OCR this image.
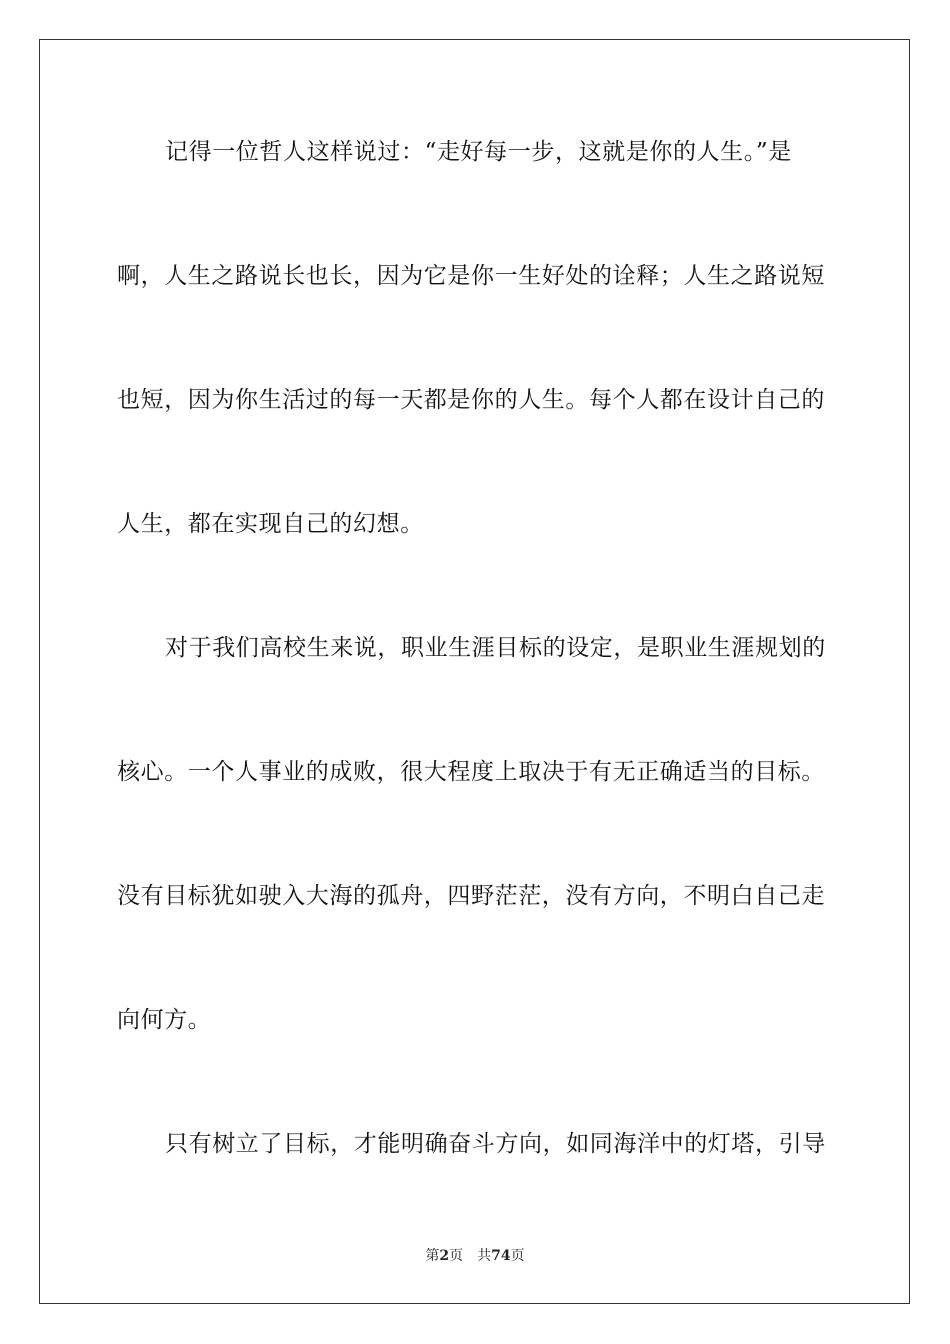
记得一位哲人这样说过：“走好每一步，这就是你的人生。”是
啊，人生之路说长也长，因为它是你一生好处的诠释；人生之路说短
也短，因为你生活过的每一天都是你的人生。每个人都在设计自己的
人生，都在实现自己的幻想。
对于我们高校生来说，职业生涯目标的设定，是职业生涯规划的
核心。一个人事业的成败，很大程度上取决于有无正确适当的目标。
没有目标犹如驶入大海的孤舟，四野茫茫，没有方向，不明白自己走
向何方。
只有树立了目标，才能明确奋斗方向，如同海洋中的灯塔，引导
第2页 共74页
